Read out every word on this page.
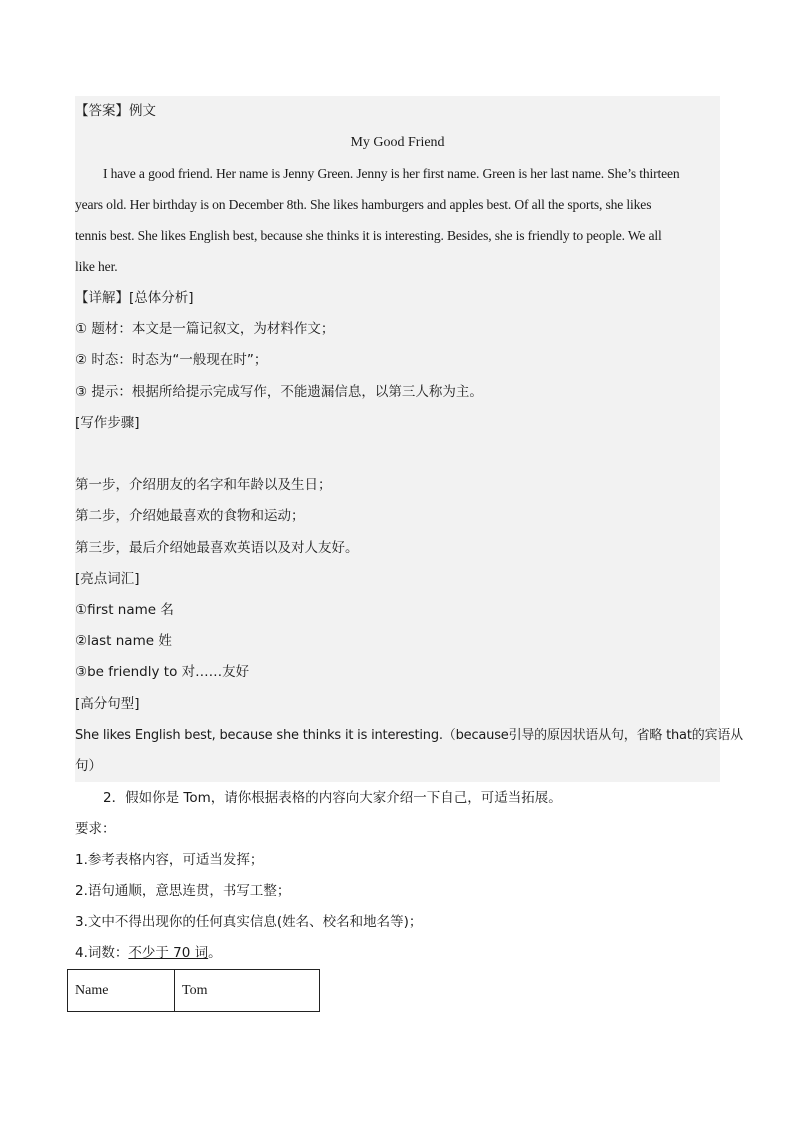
【答案】例文
My Good Friend
I have a good friend. Her name is Jenny Green. Jenny is her first name. Green is her last name. She’s thirteen
years old. Her birthday is on December 8th. She likes hamburgers and apples best. Of all the sports, she likes
tennis best. She likes English best, because she thinks it is interesting. Besides, she is friendly to people. We all
like her.
【详解】[总体分析]
① 题材：本文是一篇记叙文，为材料作文；
② 时态：时态为“一般现在时”；
③ 提示：根据所给提示完成写作，不能遗漏信息，以第三人称为主。
[写作步骤]
第一步，介绍朋友的名字和年龄以及生日；
第二步，介绍她最喜欢的食物和运动；
第三步，最后介绍她最喜欢英语以及对人友好。
[亮点词汇]
①first name 名
②last name 姓
③be friendly to 对……友好
[高分句型]
She likes English best, because she thinks it is interesting.（because引导的原因状语从句，省略 that的宾语从
句）
2．假如你是 Tom，请你根据表格的内容向大家介绍一下自己，可适当拓展。
要求：
1.参考表格内容，可适当发挥；
2.语句通顺，意思连贯，书写工整；
3.文中不得出现你的任何真实信息(姓名、校名和地名等)；
4.词数：不少于 70 词。
Name	Tom
